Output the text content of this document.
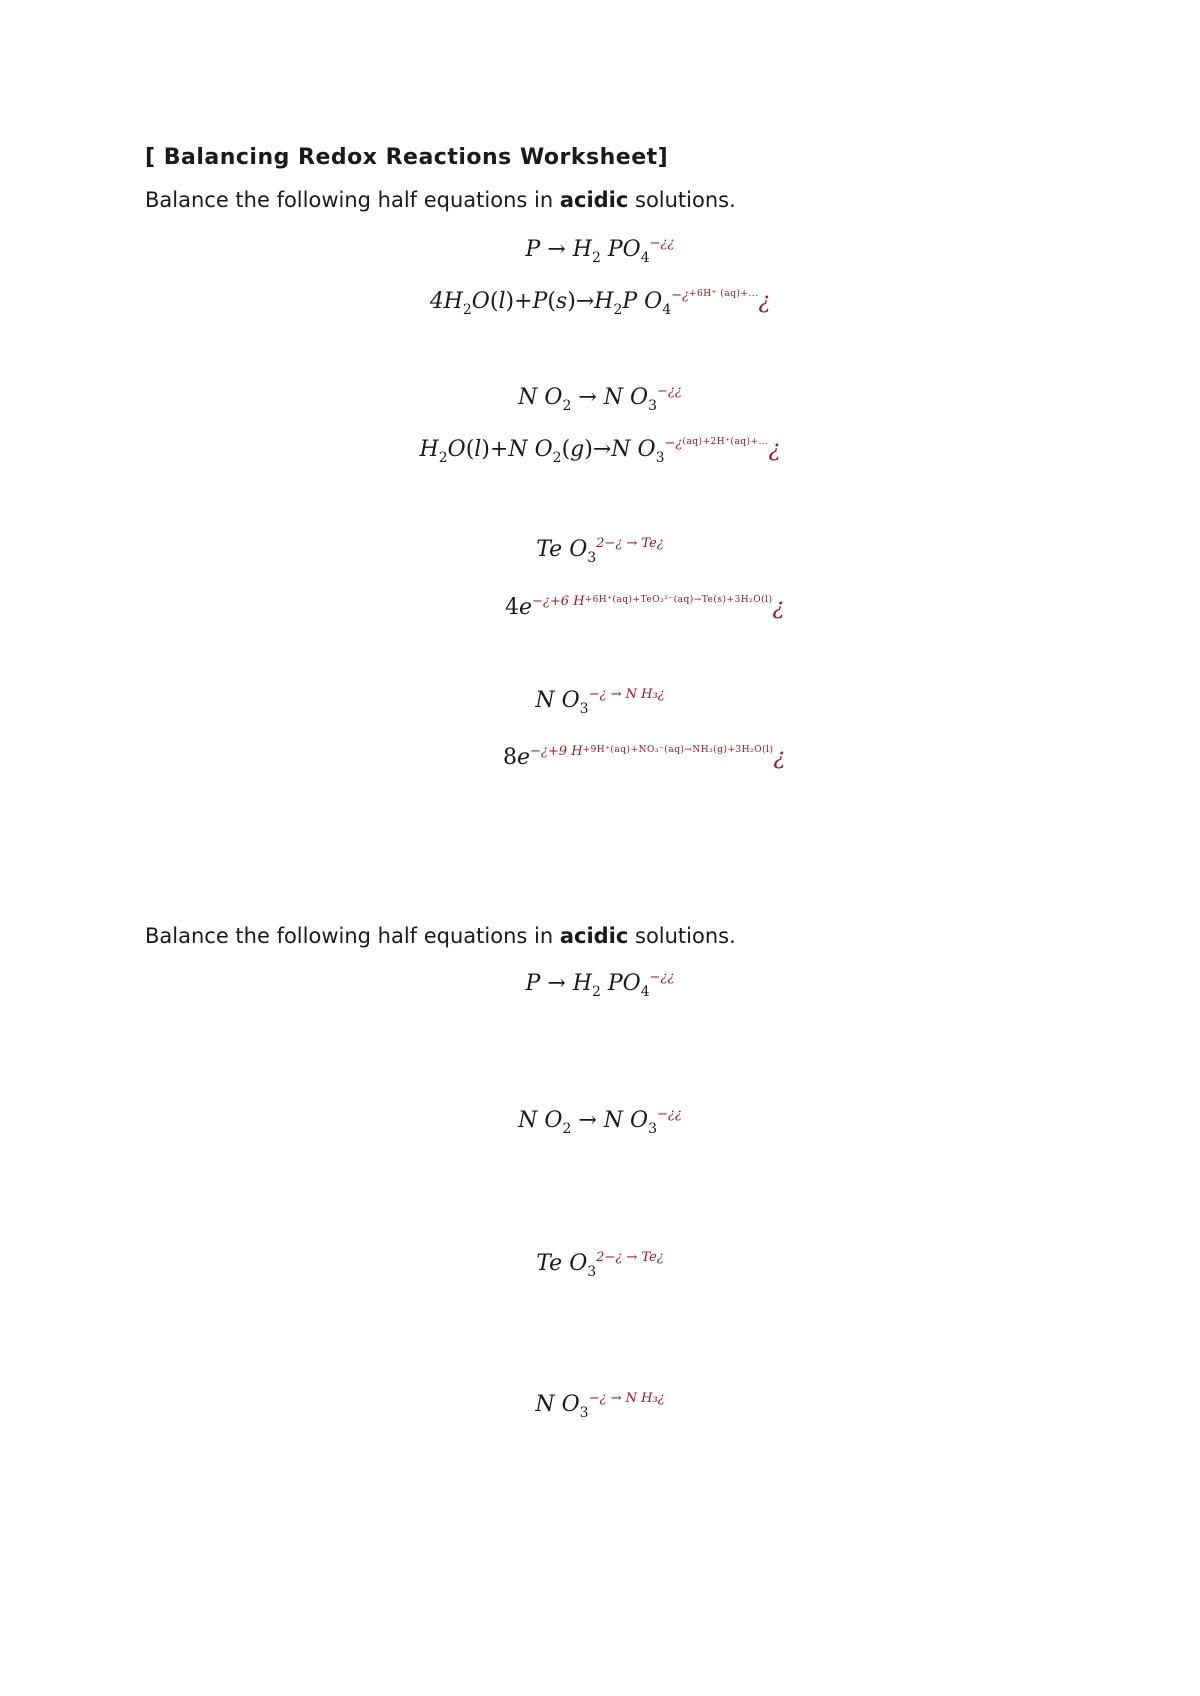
[ Balancing Redox Reactions Worksheet]
Balance the following half equations in acidic solutions.
$P \to H_2$ $PO_4^{-¿¿}$
$4H_2O(l)+P(s)\to H_2P$ $O_4^{-¿+6H^+ (aq)+...}¿$
N $O_2 \to N$ $O_3^{-¿¿}$
$H_2O(l)+N$ $O_2(g)\to N$ $O_3^{-¿(aq)+2H^+(aq)+...}¿$
Te $O_3^{2-¿ \to Te¿}$
$4e^{-¿+6 H+6H^+(aq)+TeO_3^{2-}(aq)\to Te(s)+3H_2O(l)}¿$
N $O_3^{-¿ \to N H_3¿}$
$8e^{-¿+9 H+9H^+(aq)+NO_3^-(aq)\to NH_3(g)+3H_2O(l)}¿$
Balance the following half equations in acidic solutions.
$P \to H_2$ $PO_4^{-¿¿}$
N $O_2 \to N$ $O_3^{-¿¿}$
Te $O_3^{2-¿ \to Te¿}$
N $O_3^{-¿ \to N H_3¿}$
